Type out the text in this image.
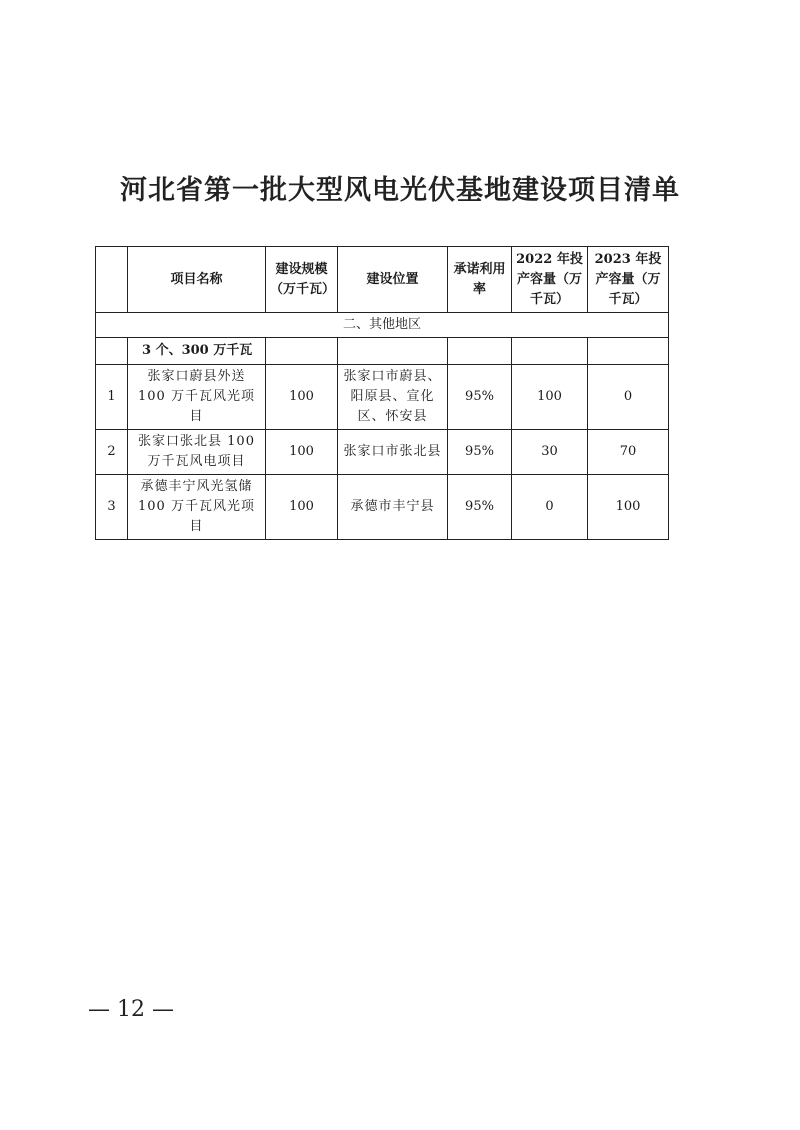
河北省第一批大型风电光伏基地建设项目清单
	项目名称	建设规模（万千瓦）	建设位置	承诺利用率	2022 年投产容量（万千瓦）	2023 年投产容量（万千瓦）
二、其他地区						
	3 个、300 万千瓦					
1	张家口蔚县外送 100 万千瓦风光项目	100	张家口市蔚县、阳原县、宣化区、怀安县	95%	100	0
2	张家口张北县 100 万千瓦风电项目	100	张家口市张北县	95%	30	70
3	承德丰宁风光氢储100 万千瓦风光项目	100	承德市丰宁县	95%	0	100
— 12 —
